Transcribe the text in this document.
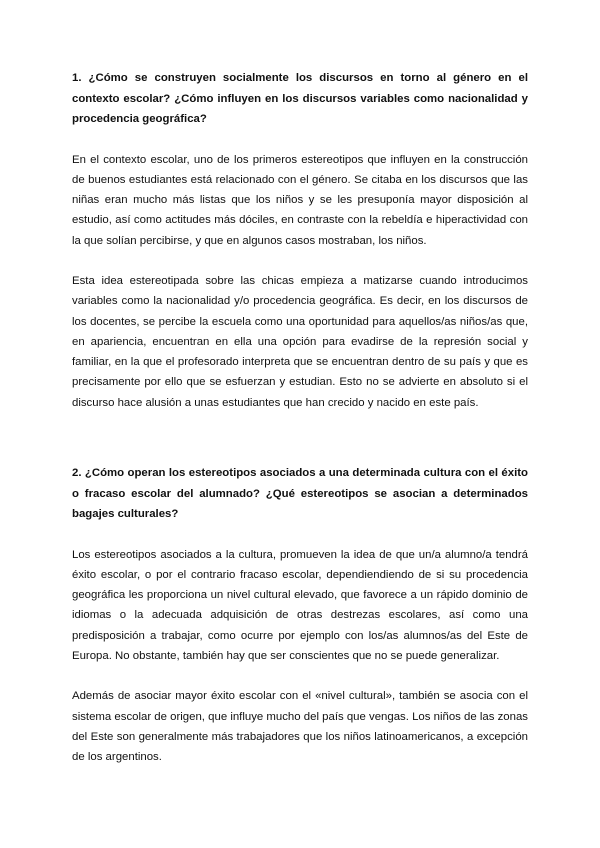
1. ¿Cómo se construyen socialmente los discursos en torno al género en el contexto escolar? ¿Cómo influyen en los discursos variables como nacionalidad y procedencia geográfica?

En el contexto escolar, uno de los primeros estereotipos que influyen en la construcción de buenos estudiantes está relacionado con el género. Se citaba en los discursos que las niñas eran mucho más listas que los niños y se les presuponía mayor disposición al estudio, así como actitudes más dóciles, en contraste con la rebeldía e hiperactividad con la que solían percibirse, y que en algunos casos mostraban, los niños.

Esta idea estereotipada sobre las chicas empieza a matizarse cuando introducimos variables como la nacionalidad y/o procedencia geográfica. Es decir, en los discursos de los docentes, se percibe la escuela como una oportunidad para aquellos/as niños/as que, en apariencia, encuentran en ella una opción para evadirse de la represión social y familiar, en la que el profesorado interpreta que se encuentran dentro de su país y que es precisamente por ello que se esfuerzan y estudian. Esto no se advierte en absoluto si el discurso hace alusión a unas estudiantes que han crecido y nacido en este país.

2. ¿Cómo operan los estereotipos asociados a una determinada cultura con el éxito o fracaso escolar del alumnado? ¿Qué estereotipos se asocian a determinados bagajes culturales?

Los estereotipos asociados a la cultura, promueven la idea de que un/a alumno/a tendrá éxito escolar, o por el contrario fracaso escolar, dependiendiendo de si su procedencia geográfica les proporciona un nivel cultural elevado, que favorece a un rápido dominio de idiomas o la adecuada adquisición de otras destrezas escolares, así como una predisposición a trabajar, como ocurre por ejemplo con los/as alumnos/as del Este de Europa. No obstante, también hay que ser conscientes que no se puede generalizar.

Además de asociar mayor éxito escolar con el «nivel cultural», también se asocia con el sistema escolar de origen, que influye mucho del país que vengas. Los niños de las zonas del Este son generalmente más trabajadores que los niños latinoamericanos, a excepción de los argentinos.
